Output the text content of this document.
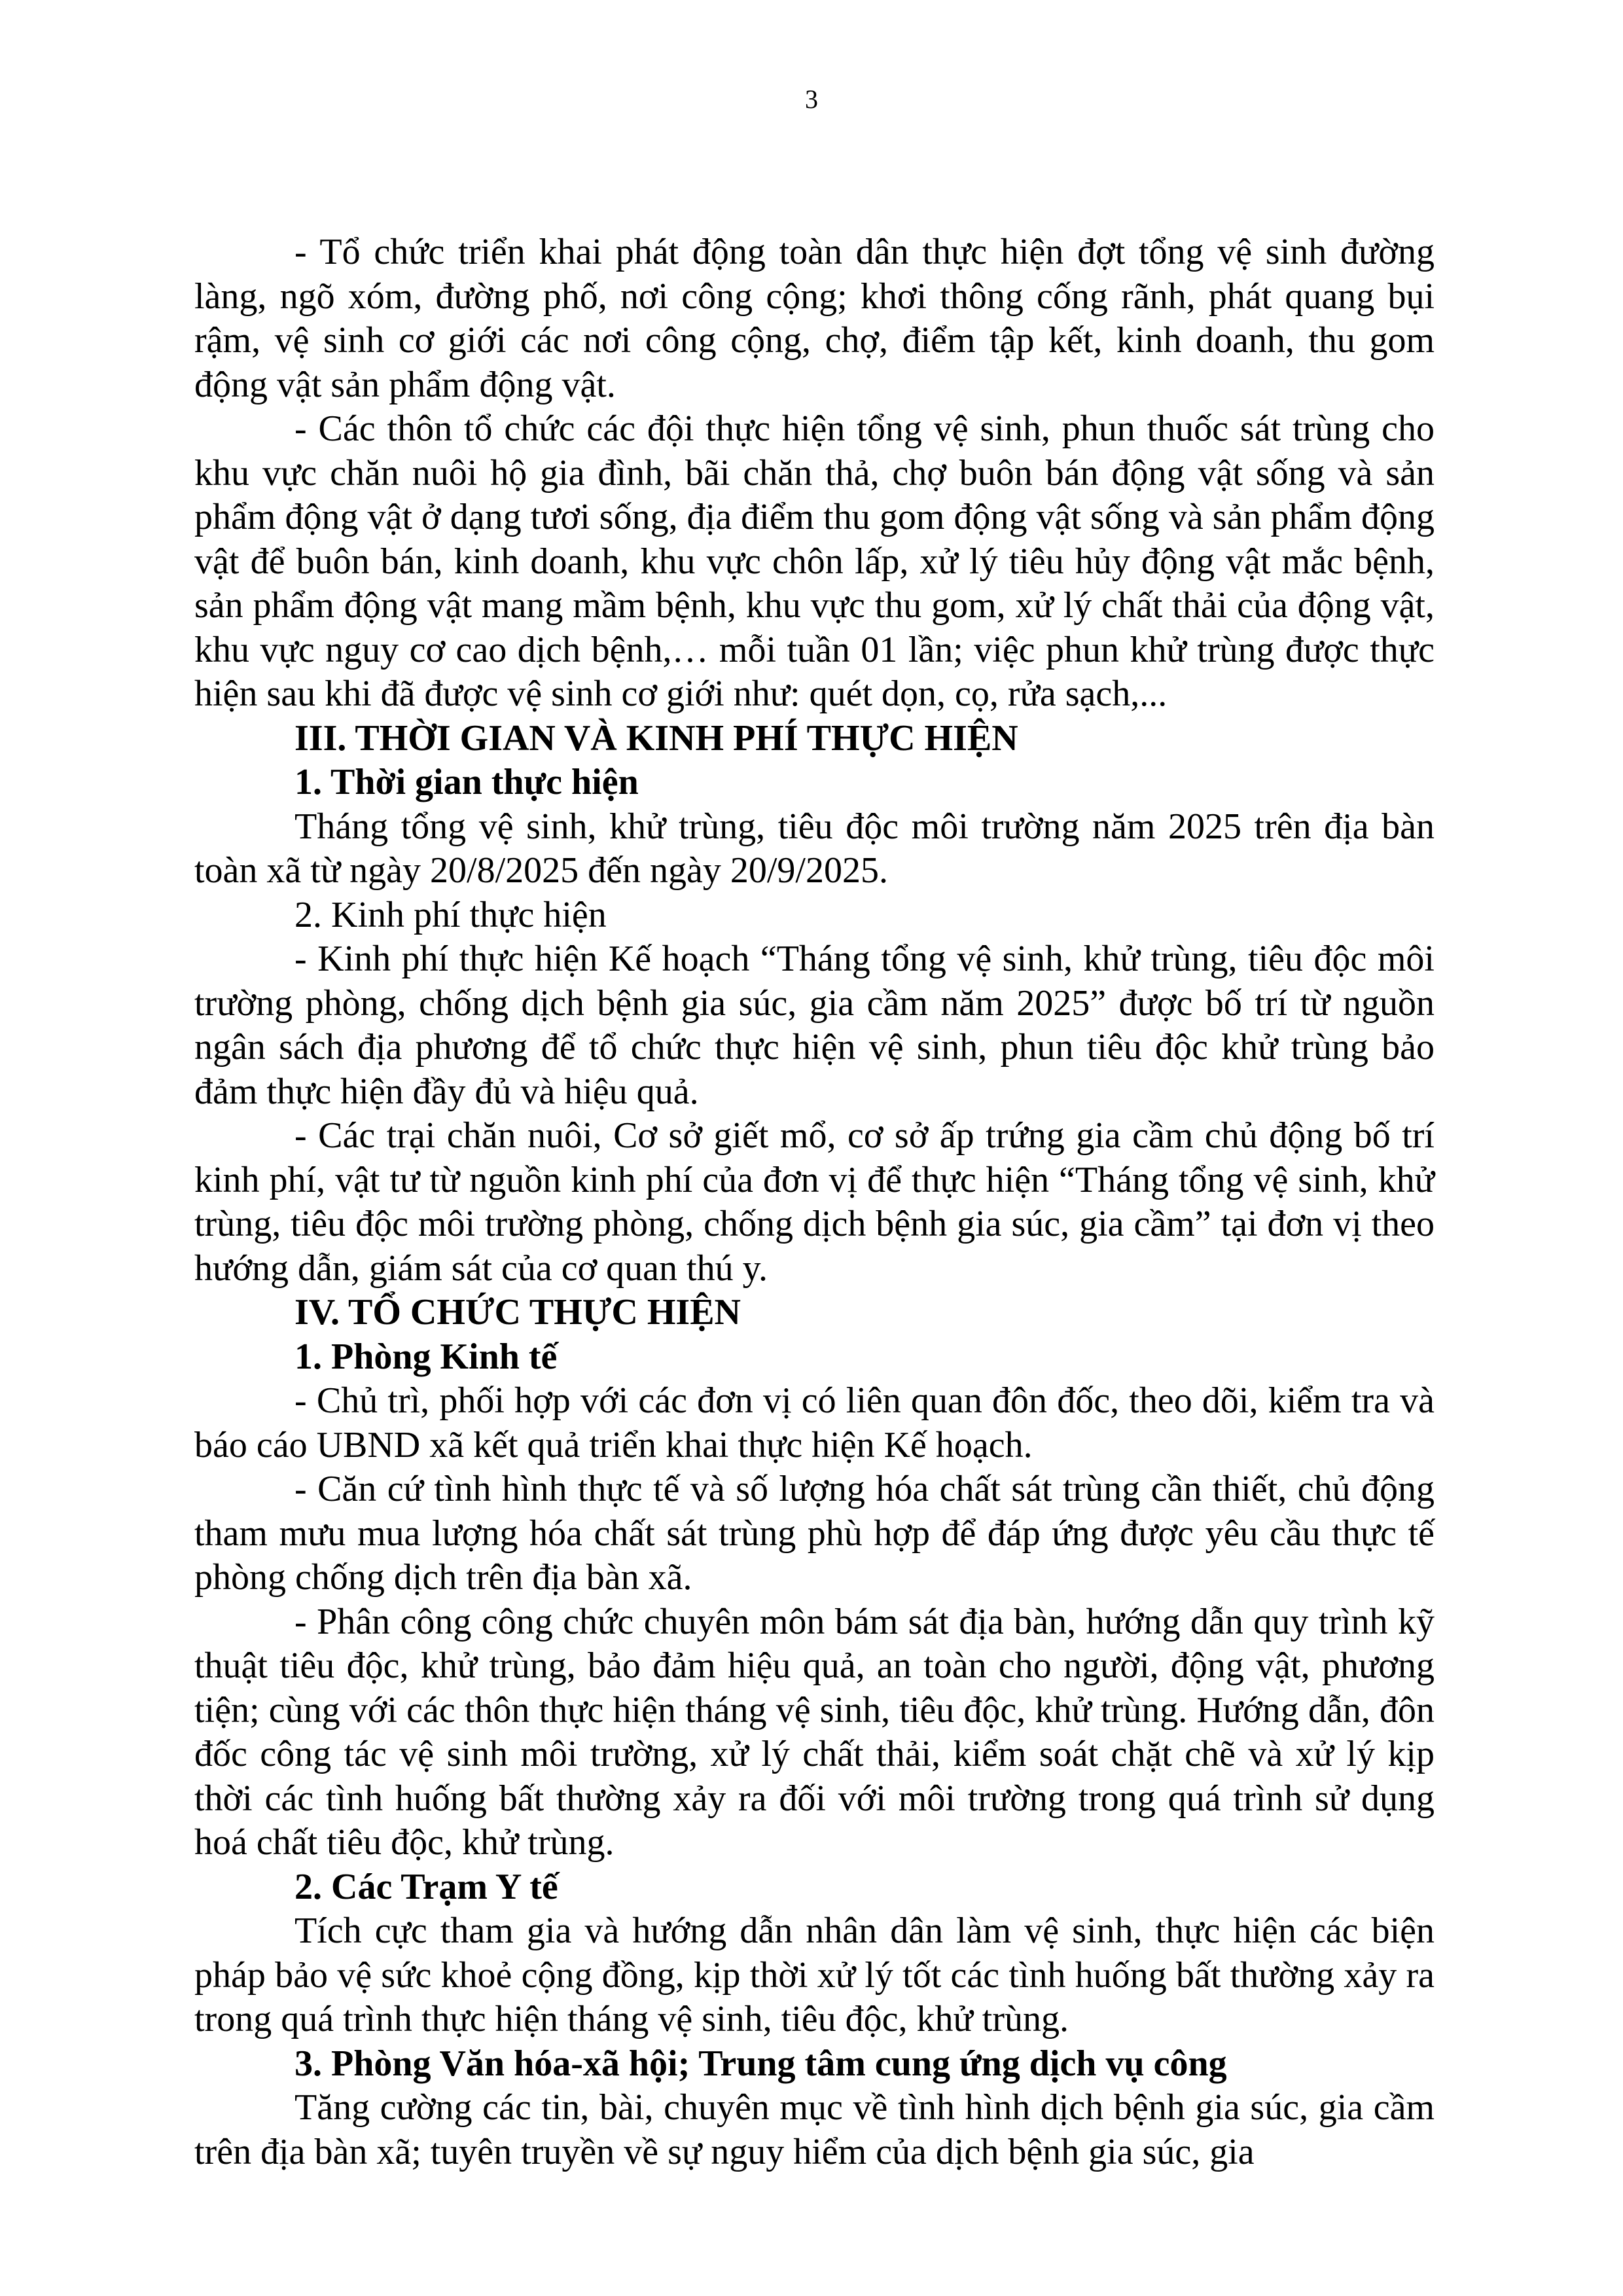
3

- Tổ chức triển khai phát động toàn dân thực hiện đợt tổng vệ sinh đường làng, ngõ xóm, đường phố, nơi công cộng; khơi thông cống rãnh, phát quang bụi rậm, vệ sinh cơ giới các nơi công cộng, chợ, điểm tập kết, kinh doanh, thu gom động vật sản phẩm động vật.

- Các thôn tổ chức các đội thực hiện tổng vệ sinh, phun thuốc sát trùng cho khu vực chăn nuôi hộ gia đình, bãi chăn thả, chợ buôn bán động vật sống và sản phẩm động vật ở dạng tươi sống, địa điểm thu gom động vật sống và sản phẩm động vật để buôn bán, kinh doanh, khu vực chôn lấp, xử lý tiêu hủy động vật mắc bệnh, sản phẩm động vật mang mầm bệnh, khu vực thu gom, xử lý chất thải của động vật, khu vực nguy cơ cao dịch bệnh,… mỗi tuần 01 lần; việc phun khử trùng được thực hiện sau khi đã được vệ sinh cơ giới như: quét dọn, cọ, rửa sạch,...

III. THỜI GIAN VÀ KINH PHÍ THỰC HIỆN

1. Thời gian thực hiện

Tháng tổng vệ sinh, khử trùng, tiêu độc môi trường năm 2025 trên địa bàn toàn xã từ ngày 20/8/2025 đến ngày 20/9/2025.

2. Kinh phí thực hiện

- Kinh phí thực hiện Kế hoạch “Tháng tổng vệ sinh, khử trùng, tiêu độc môi trường phòng, chống dịch bệnh gia súc, gia cầm năm 2025” được bố trí từ nguồn ngân sách địa phương để tổ chức thực hiện vệ sinh, phun tiêu độc khử trùng bảo đảm thực hiện đầy đủ và hiệu quả.

- Các trại chăn nuôi, Cơ sở giết mổ, cơ sở ấp trứng gia cầm chủ động bố trí kinh phí, vật tư từ nguồn kinh phí của đơn vị để thực hiện “Tháng tổng vệ sinh, khử trùng, tiêu độc môi trường phòng, chống dịch bệnh gia súc, gia cầm” tại đơn vị theo hướng dẫn, giám sát của cơ quan thú y.

IV. TỔ CHỨC THỰC HIỆN

1. Phòng Kinh tế

- Chủ trì, phối hợp với các đơn vị có liên quan đôn đốc, theo dõi, kiểm tra và báo cáo UBND xã kết quả triển khai thực hiện Kế hoạch.

- Căn cứ tình hình thực tế và số lượng hóa chất sát trùng cần thiết, chủ động tham mưu mua lượng hóa chất sát trùng phù hợp để đáp ứng được yêu cầu thực tế phòng chống dịch trên địa bàn xã.

- Phân công công chức chuyên môn bám sát địa bàn, hướng dẫn quy trình kỹ thuật tiêu độc, khử trùng, bảo đảm hiệu quả, an toàn cho người, động vật, phương tiện; cùng với các thôn thực hiện tháng vệ sinh, tiêu độc, khử trùng. Hướng dẫn, đôn đốc công tác vệ sinh môi trường, xử lý chất thải, kiểm soát chặt chẽ và xử lý kịp thời các tình huống bất thường xảy ra đối với môi trường trong quá trình sử dụng hoá chất tiêu độc, khử trùng.

2. Các Trạm Y tế

Tích cực tham gia và hướng dẫn nhân dân làm vệ sinh, thực hiện các biện pháp bảo vệ sức khoẻ cộng đồng, kịp thời xử lý tốt các tình huống bất thường xảy ra trong quá trình thực hiện tháng vệ sinh, tiêu độc, khử trùng.

3. Phòng Văn hóa-xã hội; Trung tâm cung ứng dịch vụ công

Tăng cường các tin, bài, chuyên mục về tình hình dịch bệnh gia súc, gia cầm trên địa bàn xã; tuyên truyền về sự nguy hiểm của dịch bệnh gia súc, gia
